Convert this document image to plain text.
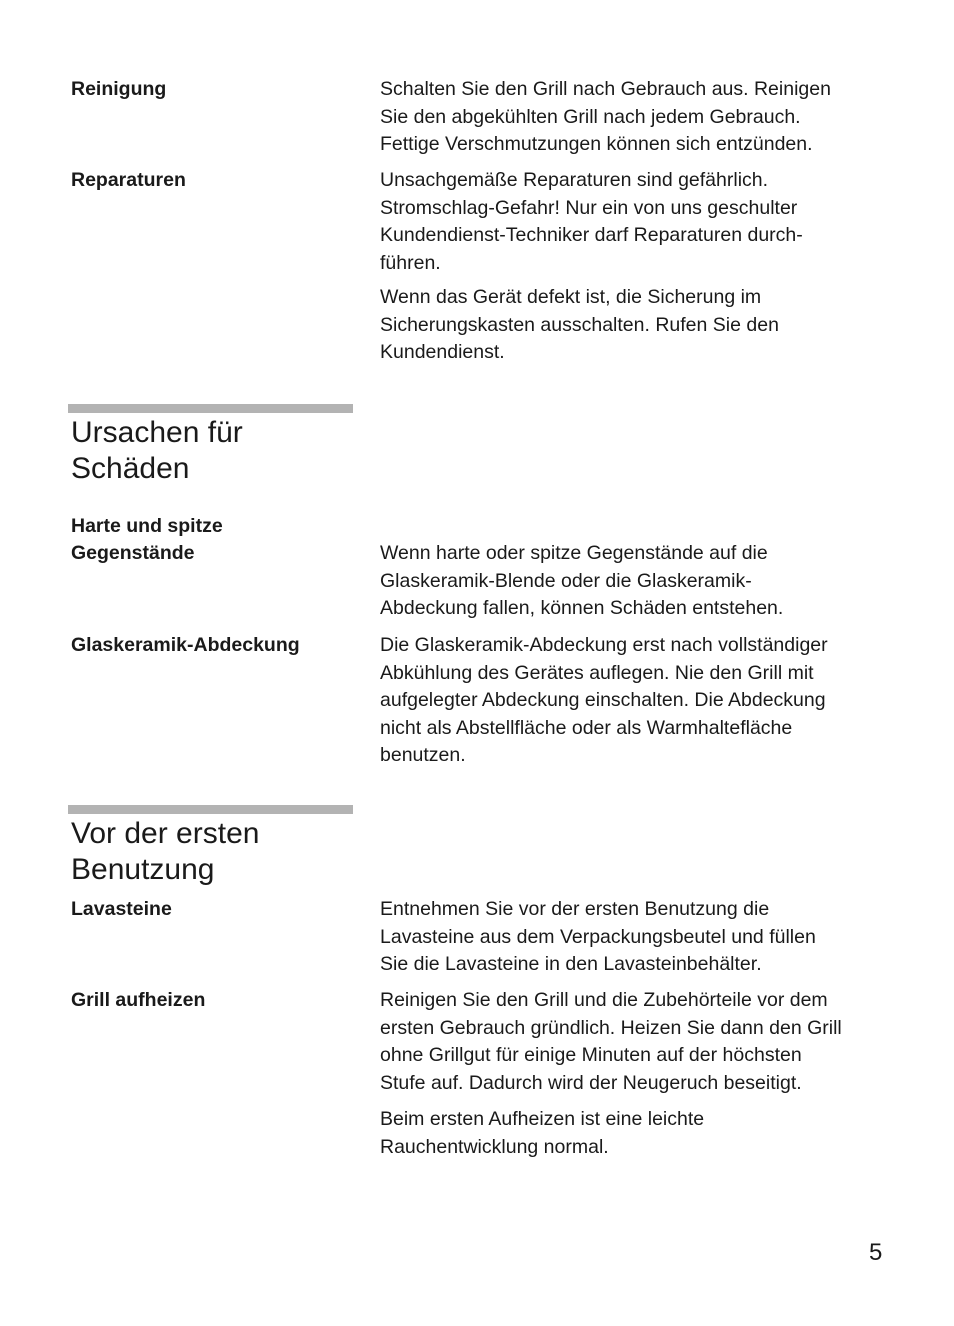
Reinigung	Schalten Sie den Grill nach Gebrauch aus. Reinigen
Sie den abgekühlten Grill nach jedem Gebrauch.
Fettige Verschmutzungen können sich entzünden.
Reparaturen	Unsachgemäße Reparaturen sind gefährlich.
Stromschlag-Gefahr! Nur ein von uns geschulter
Kundendienst-Techniker darf Reparaturen durch-
führen.
Wenn das Gerät defekt ist, die Sicherung im
Sicherungskasten ausschalten. Rufen Sie den
Kundendienst.
Ursachen für
Schäden
Harte und spitze
Gegenstände	Wenn harte oder spitze Gegenstände auf die
Glaskeramik-Blende oder die Glaskeramik-
Abdeckung fallen, können Schäden entstehen.
Glaskeramik-Abdeckung	Die Glaskeramik-Abdeckung erst nach vollständiger
Abkühlung des Gerätes auflegen. Nie den Grill mit
aufgelegter Abdeckung einschalten. Die Abdeckung
nicht als Abstellfläche oder als Warmhaltefläche
benutzen.
Vor der ersten
Benutzung
Lavasteine	Entnehmen Sie vor der ersten Benutzung die
Lavasteine aus dem Verpackungsbeutel und füllen
Sie die Lavasteine in den Lavasteinbehälter.
Grill aufheizen	Reinigen Sie den Grill und die Zubehörteile vor dem
ersten Gebrauch gründlich. Heizen Sie dann den Grill
ohne Grillgut für einige Minuten auf der höchsten
Stufe auf. Dadurch wird der Neugeruch beseitigt.
Beim ersten Aufheizen ist eine leichte
Rauchentwicklung normal.
5
